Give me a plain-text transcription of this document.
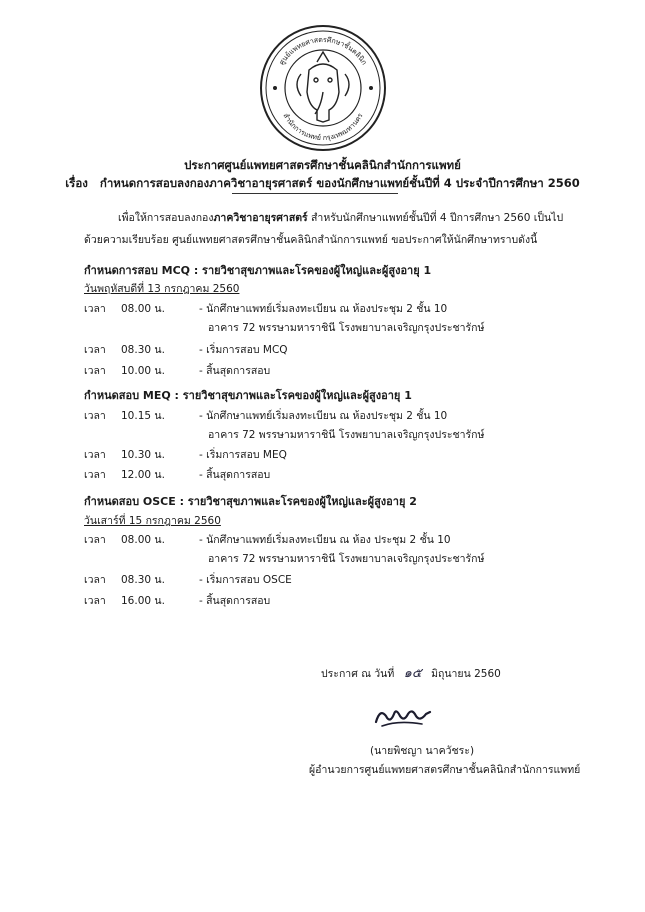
ศูนย์แพทยศาสตรศึกษาชั้นคลินิก
สำนักการแพทย์ กรุงเทพมหานคร
ประกาศศูนย์แพทยศาสตรศึกษาชั้นคลินิกสำนักการแพทย์
เรื่อง กำหนดการสอบลงกองภาควิชาอายุรศาสตร์ ของนักศึกษาแพทย์ชั้นปีที่ 4 ประจำปีการศึกษา 2560
เพื่อให้การสอบลงกองภาควิชาอายุรศาสตร์ สำหรับนักศึกษาแพทย์ชั้นปีที่ 4 ปีการศึกษา 2560 เป็นไป
ด้วยความเรียบร้อย ศูนย์แพทยศาสตรศึกษาชั้นคลินิกสำนักการแพทย์ ขอประกาศให้นักศึกษาทราบดังนี้
กำหนดการสอบ MCQ : รายวิชาสุขภาพและโรคของผู้ใหญ่และผู้สูงอายุ 1
วันพฤหัสบดีที่ 13 กรกฎาคม 2560
เวลา 08.00 น.	- นักศึกษาแพทย์เริ่มลงทะเบียน ณ ห้องประชุม 2 ชั้น 10
อาคาร 72 พรรษามหาราชินี โรงพยาบาลเจริญกรุงประชารักษ์
เวลา 08.30 น.	- เริ่มการสอบ MCQ
เวลา 10.00 น.	- สิ้นสุดการสอบ
กำหนดสอบ MEQ : รายวิชาสุขภาพและโรคของผู้ใหญ่และผู้สูงอายุ 1
เวลา 10.15 น.	- นักศึกษาแพทย์เริ่มลงทะเบียน ณ ห้องประชุม 2 ชั้น 10
อาคาร 72 พรรษามหาราชินี โรงพยาบาลเจริญกรุงประชารักษ์
เวลา 10.30 น.	- เริ่มการสอบ MEQ
เวลา 12.00 น.	- สิ้นสุดการสอบ
กำหนดสอบ OSCE : รายวิชาสุขภาพและโรคของผู้ใหญ่และผู้สูงอายุ 2
วันเสาร์ที่ 15 กรกฎาคม 2560
เวลา 08.00 น.	- นักศึกษาแพทย์เริ่มลงทะเบียน ณ ห้อง ประชุม 2 ชั้น 10
อาคาร 72 พรรษามหาราชินี โรงพยาบาลเจริญกรุงประชารักษ์
เวลา 08.30 น.	- เริ่มการสอบ OSCE
เวลา 16.00 น.	- สิ้นสุดการสอบ
ประกาศ ณ วันที่ ๑๕ มิถุนายน 2560
(นายพิชญา นาควัชระ)
ผู้อำนวยการศูนย์แพทยศาสตรศึกษาชั้นคลินิกสำนักการแพทย์
